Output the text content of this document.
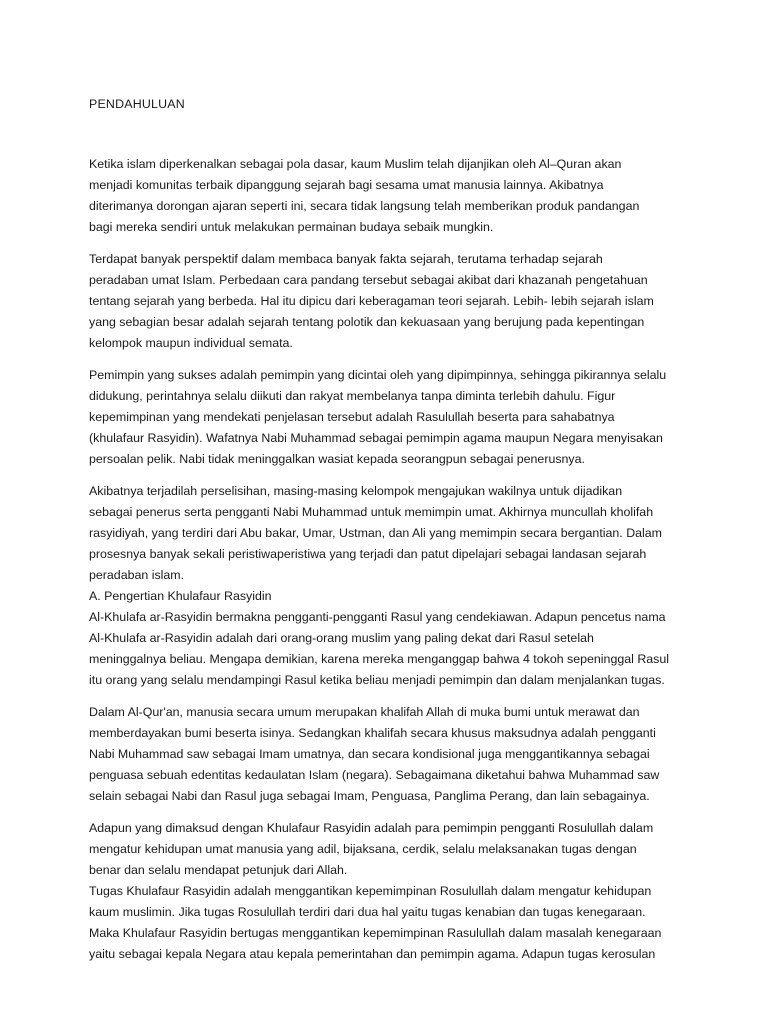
PENDAHULUAN
Ketika islam diperkenalkan sebagai pola dasar, kaum Muslim telah dijanjikan oleh Al–Quran akan
menjadi komunitas terbaik dipanggung sejarah bagi sesama umat manusia lainnya. Akibatnya
diterimanya dorongan ajaran seperti ini, secara tidak langsung telah memberikan produk pandangan
bagi mereka sendiri untuk melakukan permainan budaya sebaik mungkin.
Terdapat banyak perspektif dalam membaca banyak fakta sejarah, terutama terhadap sejarah
peradaban umat Islam. Perbedaan cara pandang tersebut sebagai akibat dari khazanah pengetahuan
tentang sejarah yang berbeda. Hal itu dipicu dari keberagaman teori sejarah. Lebih- lebih sejarah islam
yang sebagian besar adalah sejarah tentang polotik dan kekuasaan yang berujung pada kepentingan
kelompok maupun individual semata.
Pemimpin yang sukses adalah pemimpin yang dicintai oleh yang dipimpinnya, sehingga pikirannya selalu
didukung, perintahnya selalu diikuti dan rakyat membelanya tanpa diminta terlebih dahulu. Figur
kepemimpinan yang mendekati penjelasan tersebut adalah Rasulullah beserta para sahabatnya
(khulafaur Rasyidin). Wafatnya Nabi Muhammad sebagai pemimpin agama maupun Negara menyisakan
persoalan pelik. Nabi tidak meninggalkan wasiat kepada seorangpun sebagai penerusnya.
Akibatnya terjadilah perselisihan, masing-masing kelompok mengajukan wakilnya untuk dijadikan
sebagai penerus serta pengganti Nabi Muhammad untuk memimpin umat. Akhirnya muncullah kholifah
rasyidiyah, yang terdiri dari Abu bakar, Umar, Ustman, dan Ali yang memimpin secara bergantian. Dalam
prosesnya banyak sekali peristiwaperistiwa yang terjadi dan patut dipelajari sebagai landasan sejarah
peradaban islam.
A. Pengertian Khulafaur Rasyidin
Al-Khulafa ar-Rasyidin bermakna pengganti-pengganti Rasul yang cendekiawan. Adapun pencetus nama
Al-Khulafa ar-Rasyidin adalah dari orang-orang muslim yang paling dekat dari Rasul setelah
meninggalnya beliau. Mengapa demikian, karena mereka menganggap bahwa 4 tokoh sepeninggal Rasul
itu orang yang selalu mendampingi Rasul ketika beliau menjadi pemimpin dan dalam menjalankan tugas.
Dalam Al-Qur'an, manusia secara umum merupakan khalifah Allah di muka bumi untuk merawat dan
memberdayakan bumi beserta isinya. Sedangkan khalifah secara khusus maksudnya adalah pengganti
Nabi Muhammad saw sebagai Imam umatnya, dan secara kondisional juga menggantikannya sebagai
penguasa sebuah edentitas kedaulatan Islam (negara). Sebagaimana diketahui bahwa Muhammad saw
selain sebagai Nabi dan Rasul juga sebagai Imam, Penguasa, Panglima Perang, dan lain sebagainya.
Adapun yang dimaksud dengan Khulafaur Rasyidin adalah para pemimpin pengganti Rosulullah dalam
mengatur kehidupan umat manusia yang adil, bijaksana, cerdik, selalu melaksanakan tugas dengan
benar dan selalu mendapat petunjuk dari Allah.
Tugas Khulafaur Rasyidin adalah menggantikan kepemimpinan Rosulullah dalam mengatur kehidupan
kaum muslimin. Jika tugas Rosulullah terdiri dari dua hal yaitu tugas kenabian dan tugas kenegaraan.
Maka Khulafaur Rasyidin bertugas menggantikan kepemimpinan Rasulullah dalam masalah kenegaraan
yaitu sebagai kepala Negara atau kepala pemerintahan dan pemimpin agama. Adapun tugas kerosulan
